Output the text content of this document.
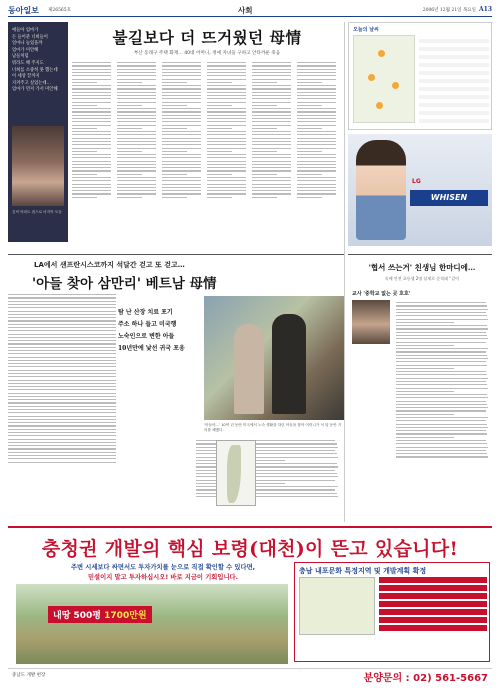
동아일보 제26565호	사회	2006년 12월 21일 목요일 A13
애들아 엄마가
돈 들어준 너희들이
얼마나 늘었을까
엄마가 미안해
남들처럼
뭐라도 해 주지도
너희를 소중히 못 했는데
이 세상 끝까지
지켜주고 싶었는데…
엄마가 먼저 가서 미안해
김씨 아파트 집으로 마지막 모습
불길보다 더 뜨거웠던 母情
부산 동래구 주택 화재… 40대 어머니, 정애 자녀들 구하고 안타까운 죽음
오늘의 날씨
LG
WHISEN
LA에서 샌프란시스코까지 석달간 걷고 또 걷고…
'아들 찾아 삼만리' 베트남 母情
탐 난 산장 치료 포기
주소 하나 들고 미국행
노숙인으로 변한 아들
10년만에 낯선 귀국 포옹
'아들아…' 10여 년 동안 미국에서 노숙 생활을 하던 아들을 찾아 어머니가 석 달 동안 거리를 헤맸다.
'협서 쓰는거' 친생님 한마디에…
속에 안전 초등생 2명 실제로 순직돼 ''같이
교사 '중학교 없는 곳 호호'
충청권 개발의 핵심 보령(대천)이 뜬고 있습니다!
주변 시세보다 싸면서도 투자가치를 눈으로 직접 확인할 수 있다면,
믿셜이지 말고 투자하십시오! 바로 지금이 기회입니다.
내땅 500평 1700만원
충남 내포문화 특정지역 및 개발계획 확정
충남도 개발 현장	분양문의 : 02) 561-5667
